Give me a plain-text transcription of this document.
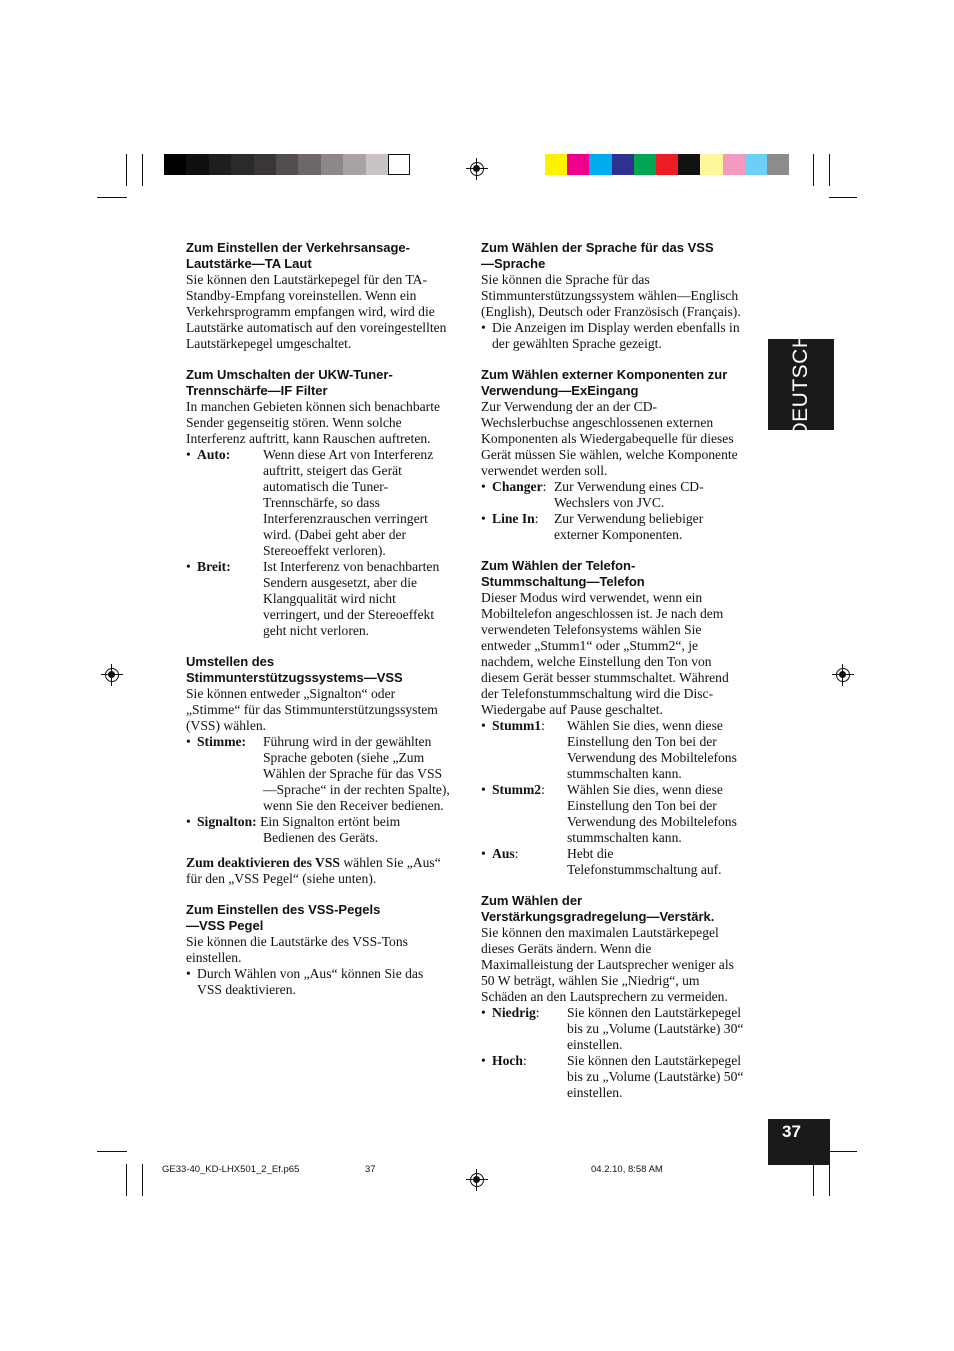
DEUTSCH
37
Zum Einstellen der Verkehrsansage-
Lautstärke—TA Laut
Sie können den Lautstärkepegel für den TA-
Standby-Empfang voreinstellen. Wenn ein
Verkehrsprogramm empfangen wird, wird die
Lautstärke automatisch auf den voreingestellten
Lautstärkepegel umgeschaltet.
Zum Umschalten der UKW-Tuner-
Trennschärfe—IF Filter
In manchen Gebieten können sich benachbarte
Sender gegenseitig stören. Wenn solche
Interferenz auftritt, kann Rauschen auftreten.
• Auto:	Wenn diese Art von Interferenz
auftritt, steigert das Gerät
automatisch die Tuner-
Trennschärfe, so dass
Interferenzrauschen verringert
wird. (Dabei geht aber der
Stereoeffekt verloren).
• Breit:	Ist Interferenz von benachbarten
Sendern ausgesetzt, aber die
Klangqualität wird nicht
verringert, und der Stereoeffekt
geht nicht verloren.
Umstellen des
Stimmunterstützugssystems—VSS
Sie können entweder „Signalton“ oder
„Stimme“ für das Stimmunterstützungssystem
(VSS) wählen.
• Stimme:	Führung wird in der gewählten
Sprache geboten (siehe „Zum
Wählen der Sprache für das VSS
—Sprache“ in der rechten Spalte),
wenn Sie den Receiver bedienen.
• Signalton: Ein Signalton ertönt beim
Bedienen des Geräts.
Zum deaktivieren des VSS wählen Sie „Aus“
für den „VSS Pegel“ (siehe unten).
Zum Einstellen des VSS-Pegels
—VSS Pegel
Sie können die Lautstärke des VSS-Tons
einstellen.
• Durch Wählen von „Aus“ können Sie das
VSS deaktivieren.
Zum Wählen der Sprache für das VSS
—Sprache
Sie können die Sprache für das
Stimmunterstützungssystem wählen—Englisch
(English), Deutsch oder Französisch (Français).
• Die Anzeigen im Display werden ebenfalls in
der gewählten Sprache gezeigt.
Zum Wählen externer Komponenten zur
Verwendung—ExEingang
Zur Verwendung der an der CD-
Wechslerbuchse angeschlossenen externen
Komponenten als Wiedergabequelle für dieses
Gerät müssen Sie wählen, welche Komponente
verwendet werden soll.
• Changer: Zur Verwendung eines CD-
Wechslers von JVC.
• Line In:	Zur Verwendung beliebiger
externer Komponenten.
Zum Wählen der Telefon-
Stummschaltung—Telefon
Dieser Modus wird verwendet, wenn ein
Mobiltelefon angeschlossen ist. Je nach dem
verwendeten Telefonsystems wählen Sie
entweder „Stumm1“ oder „Stumm2“, je
nachdem, welche Einstellung den Ton von
diesem Gerät besser stummschaltet. Während
der Telefonstummschaltung wird die Disc-
Wiedergabe auf Pause geschaltet.
• Stumm1:	Wählen Sie dies, wenn diese
Einstellung den Ton bei der
Verwendung des Mobiltelefons
stummschalten kann.
• Stumm2:	Wählen Sie dies, wenn diese
Einstellung den Ton bei der
Verwendung des Mobiltelefons
stummschalten kann.
• Aus:	Hebt die
Telefonstummschaltung auf.
Zum Wählen der
Verstärkungsgradregelung—Verstärk.
Sie können den maximalen Lautstärkepegel
dieses Geräts ändern. Wenn die
Maximalleistung der Lautsprecher weniger als
50 W beträgt, wählen Sie „Niedrig“, um
Schäden an den Lautsprechern zu vermeiden.
• Niedrig:	Sie können den Lautstärkepegel
bis zu „Volume (Lautstärke) 30“
einstellen.
• Hoch:	Sie können den Lautstärkepegel
bis zu „Volume (Lautstärke) 50“
einstellen.
GE33-40_KD-LHX501_2_Ef.p65	37	04.2.10, 8:58 AM
